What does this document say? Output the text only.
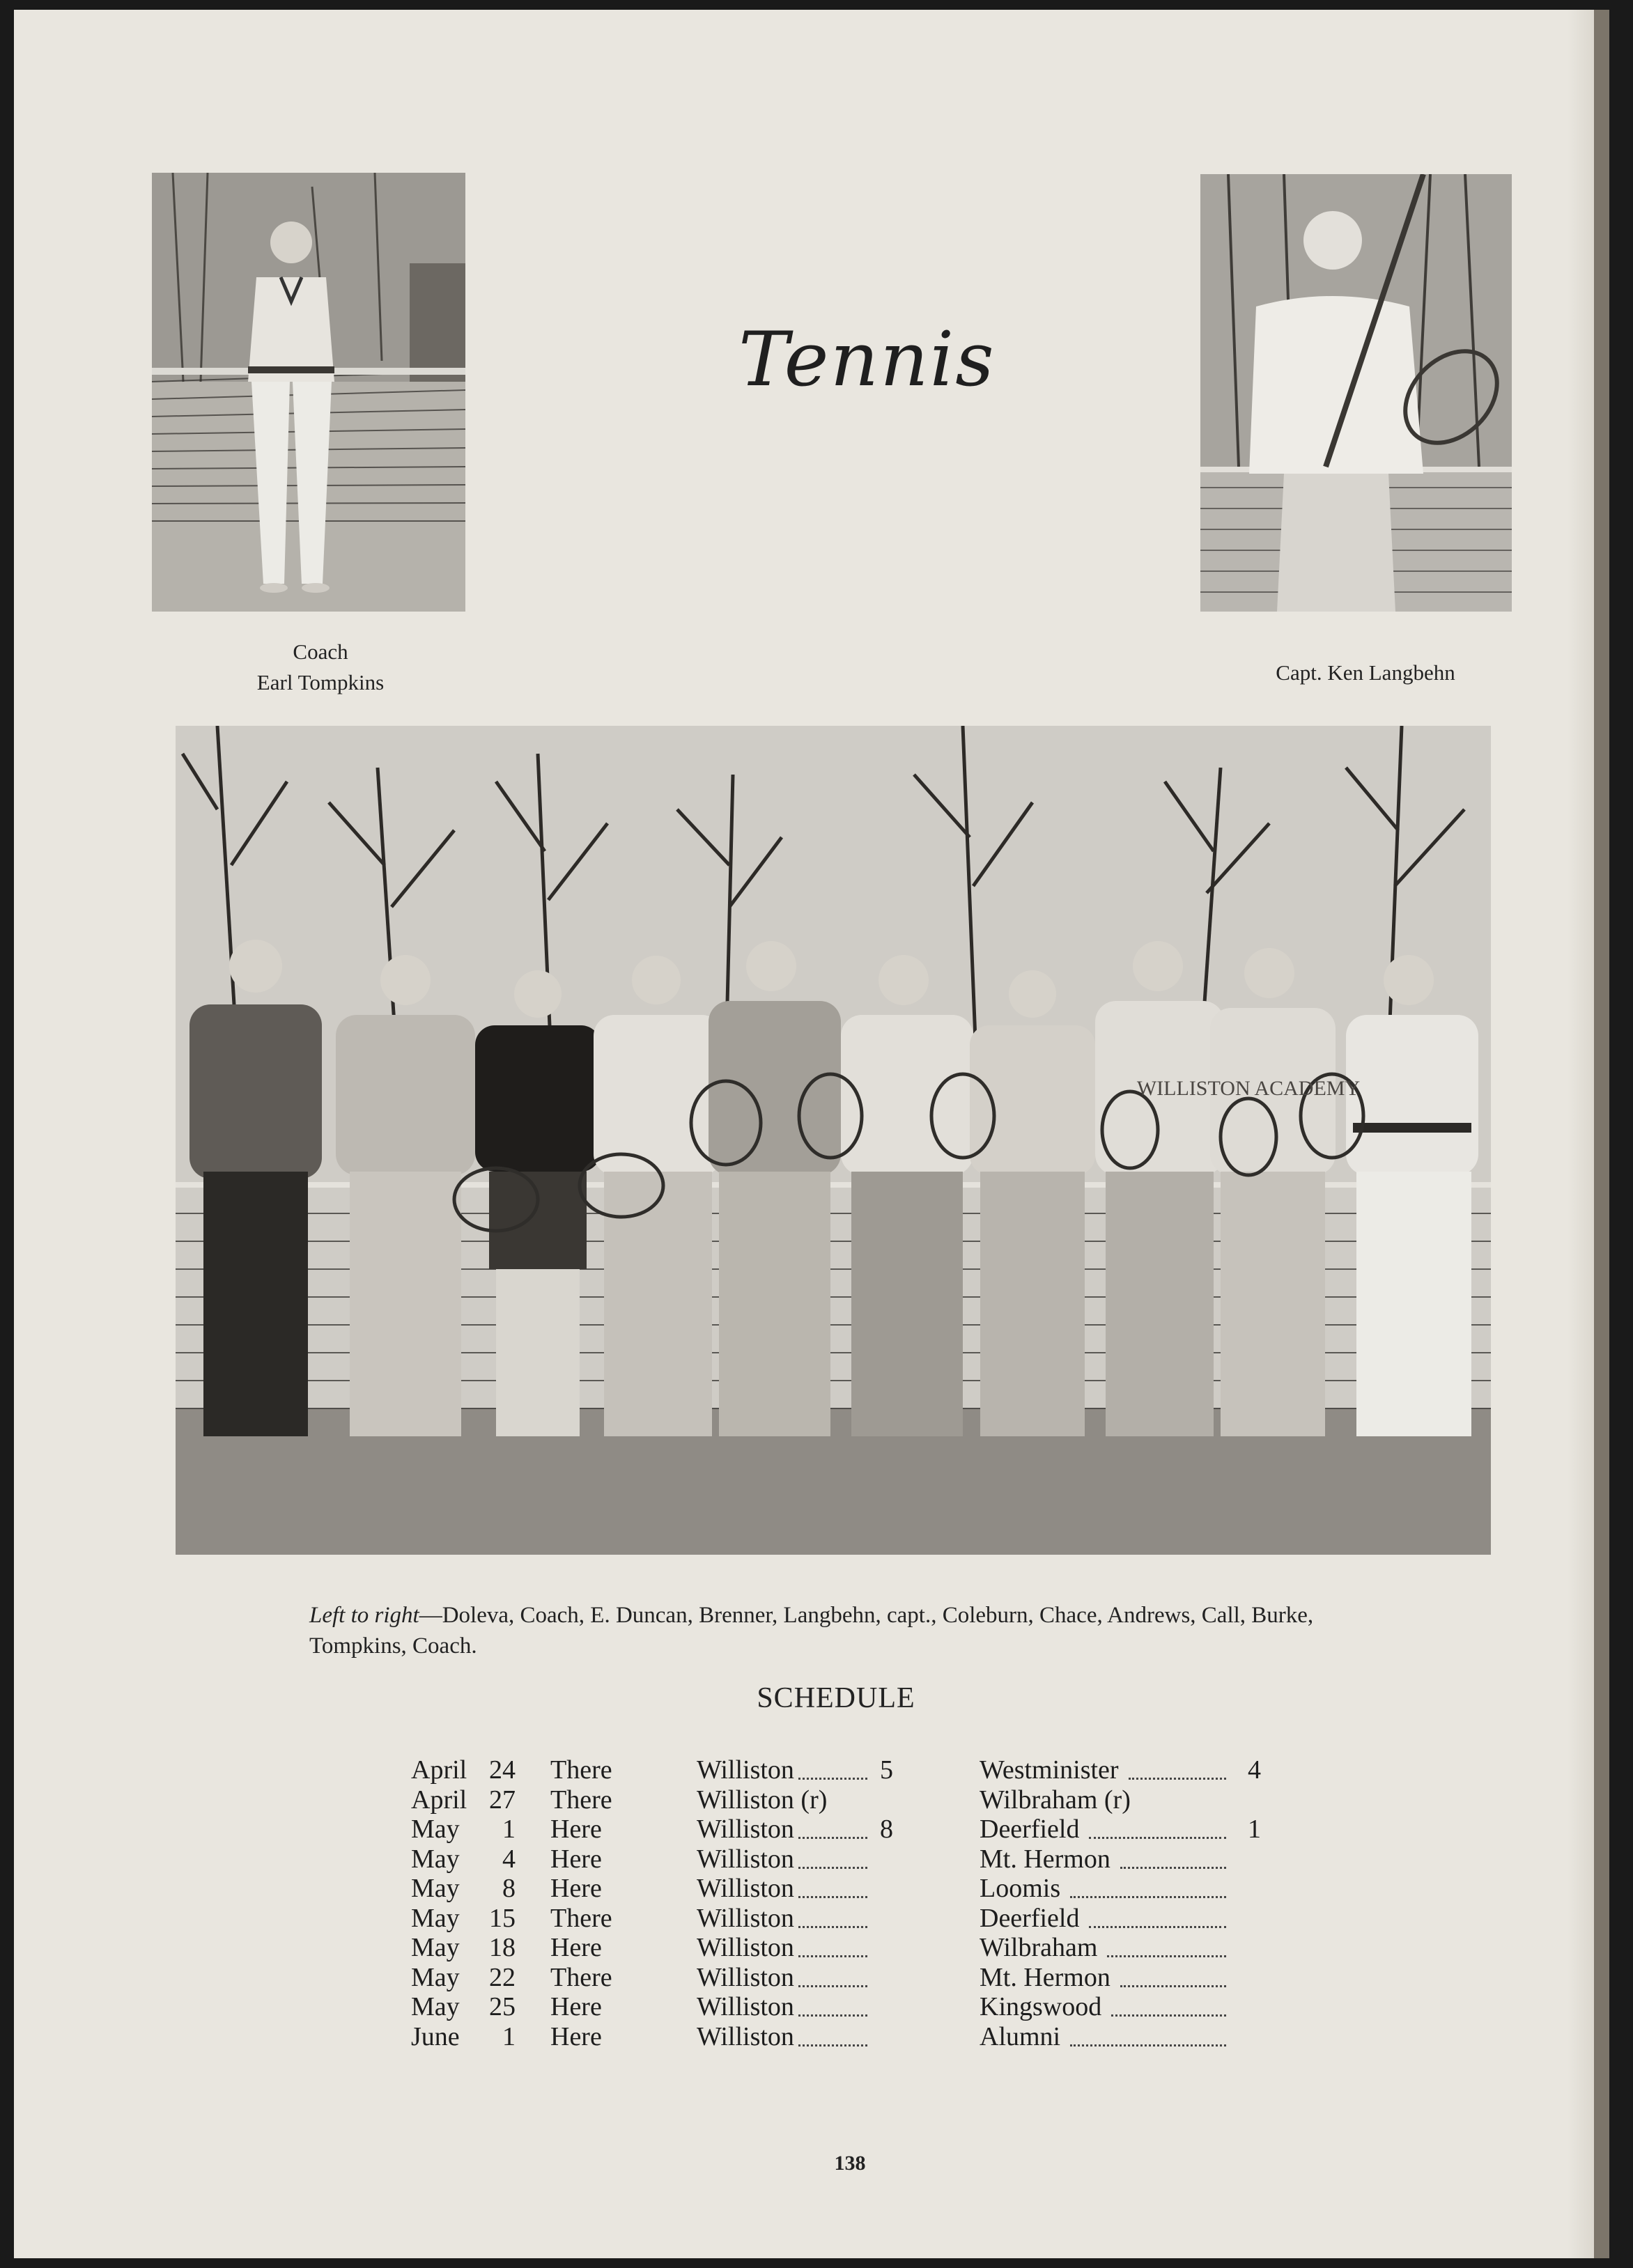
Coach
Earl Tompkins
Tennis
Capt. Ken Langbehn
WILLISTON ACADEMY
Left to right—Doleva, Coach, E. Duncan, Brenner, Langbehn, capt., Coleburn, Chace, Andrews, Call, Burke, Tompkins, Coach.
SCHEDULE
April 24 There	Williston	5	Westminister	4
April 27 There	Williston (r)	Wilbraham (r)
May	1 Here	Williston	8	Deerfield	1
May	4 Here	Williston	Mt. Hermon
May	8 Here	Williston	Loomis
May	15 There	Williston	Deerfield
May	18 Here	Williston	Wilbraham
May	22 There	Williston	Mt. Hermon
May	25 Here	Williston	Kingswood
June	1 Here	Williston	Alumni
138
